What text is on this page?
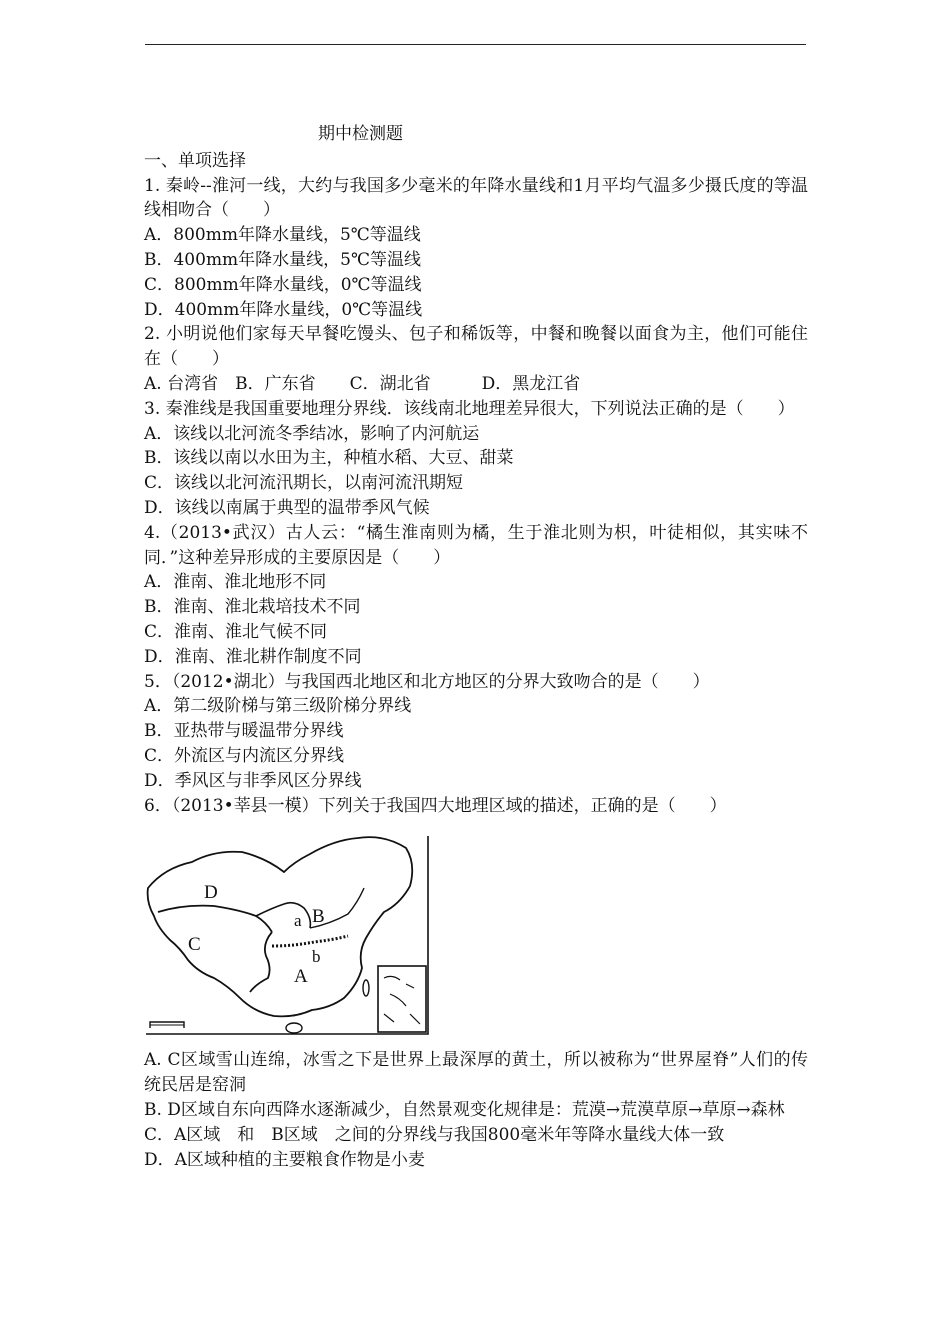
期中检测题
一、单项选择
1. 秦岭--淮河一线，大约与我国多少毫米的年降水量线和1月平均气温多少摄氏度的等温线相吻合（　　）
A．800mm年降水量线，5℃等温线
B．400mm年降水量线，5℃等温线
C．800mm年降水量线，0℃等温线
D．400mm年降水量线，0℃等温线
2. 小明说他们家每天早餐吃馒头、包子和稀饭等，中餐和晚餐以面食为主，他们可能住在（　　）
A. 台湾省　B．广东省　　C．湖北省　　　D．黑龙江省
3. 秦淮线是我国重要地理分界线．该线南北地理差异很大，下列说法正确的是（　　）
A．该线以北河流冬季结冰，影响了内河航运
B．该线以南以水田为主，种植水稻、大豆、甜菜
C．该线以北河流汛期长，以南河流汛期短
D．该线以南属于典型的温带季风气候
4.（2013•武汉）古人云：“橘生淮南则为橘，生于淮北则为枳，叶徒相似，其实味不同．”这种差异形成的主要原因是（　　）
A．淮南、淮北地形不同
B．淮南、淮北栽培技术不同
C．淮南、淮北气候不同
D．淮南、淮北耕作制度不同
5．（2012•湖北）与我国西北地区和北方地区的分界大致吻合的是（　　）
A．第二级阶梯与第三级阶梯分界线
B．亚热带与暖温带分界线
C．外流区与内流区分界线
D．季风区与非季风区分界线
6．（2013•莘县一模）下列关于我国四大地理区域的描述，正确的是（　　）
D
C
a B
b
A
A. C区域雪山连绵，冰雪之下是世界上最深厚的黄土，所以被称为“世界屋脊”人们的传统民居是窑洞
B. D区域自东向西降水逐渐减少，自然景观变化规律是：荒漠→荒漠草原→草原→森林
C．A区域　和　B区域　之间的分界线与我国800毫米年等降水量线大体一致
D．A区域种植的主要粮食作物是小麦
